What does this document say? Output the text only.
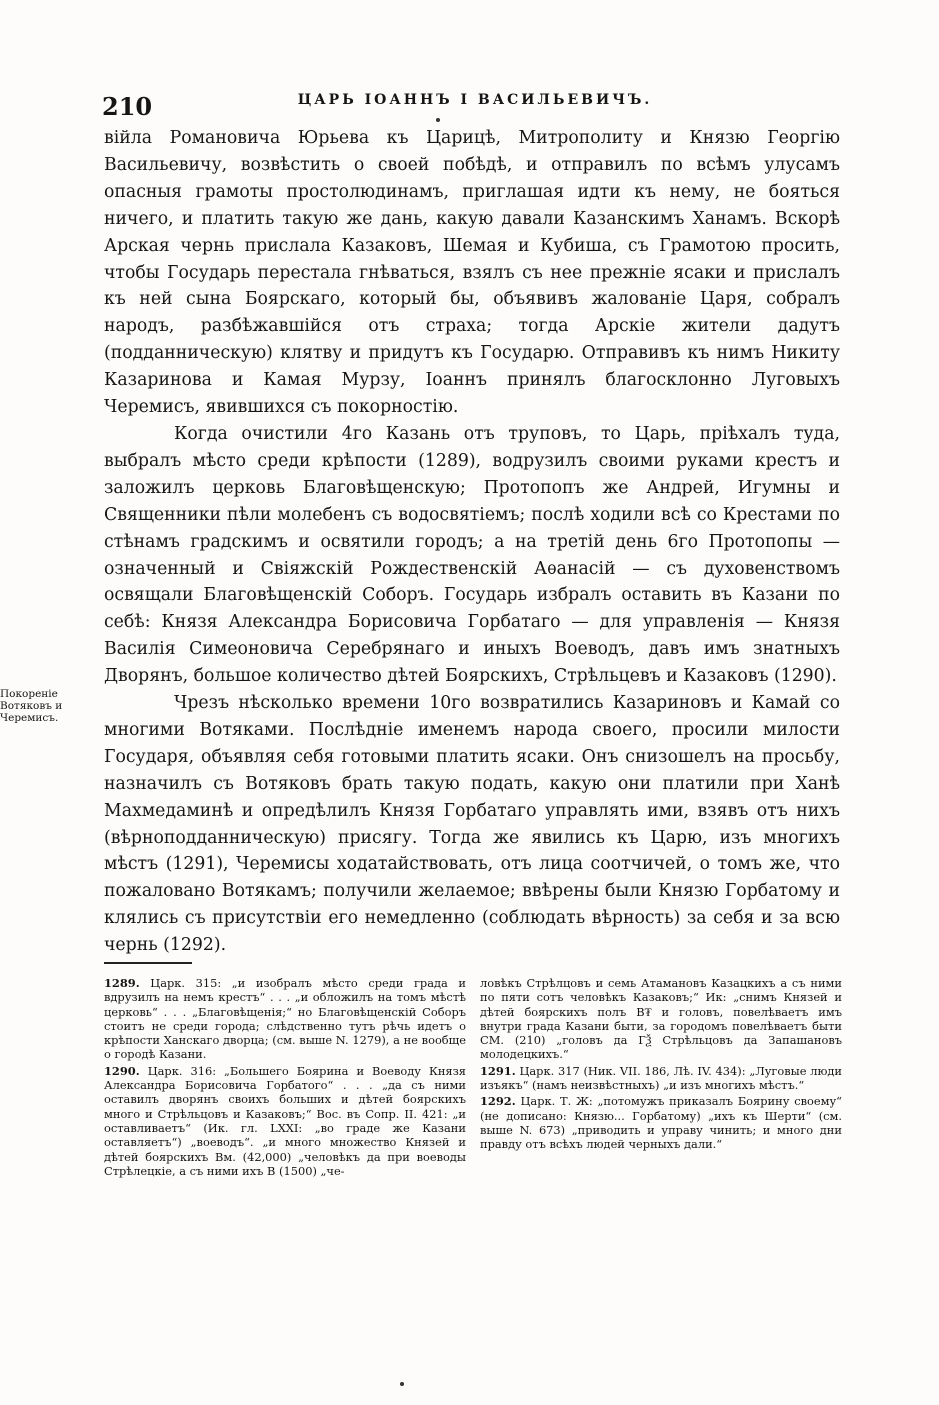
210	ЦАРЬ ІОАННЪ І ВАСИЛЬЕВИЧЪ.

війла Романовича Юрьева къ Царицѣ, Митрополиту и Князю Георгію Васильевичу, возвѣстить о своей побѣдѣ, и отправилъ по всѣмъ улусамъ опасныя грамоты простолюдинамъ, приглашая идти къ нему, не бояться ничего, и платить такую же дань, какую давали Казанскимъ Ханамъ. Вскорѣ Арская чернь прислала Казаковъ, Шемая и Кубиша, съ Грамотою просить, чтобы Государь перестала гнѣваться, взялъ съ нее прежніе ясаки и прислалъ къ ней сына Боярскаго, который бы, объявивъ жалованіе Царя, собралъ народъ, разбѣжавшійся отъ страха; тогда Арскіе жители дадутъ (подданническую) клятву и придутъ къ Государю. Отправивъ къ нимъ Никиту Казаринова и Камая Мурзу, Іоаннъ принялъ благосклонно Луговыхъ Черемисъ, явившихся съ покорностію.

Когда очистили 4го Казань отъ труповъ, то Царь, пріѣхалъ туда, выбралъ мѣсто среди крѣпости (1289), водрузилъ своими руками крестъ и заложилъ церковь Благовѣщенскую; Протопопъ же Андрей, Игумны и Священники пѣли молебенъ съ водосвятіемъ; послѣ ходили всѣ со Крестами по стѣнамъ градскимъ и освятили городъ; а на третій день 6го Протопопы — означенный и Свіяжскій Рождественскій Аѳанасій — съ духовенствомъ освящали Благовѣщенскій Соборъ. Государь избралъ оставить въ Казани по себѣ: Князя Александра Борисовича Горбатаго — для управленія — Князя Василія Симеоновича Серебрянаго и иныхъ Воеводъ, давъ имъ знатныхъ Дворянъ, большое количество дѣтей Боярскихъ, Стрѣльцевъ и Казаковъ (1290).

Чрезъ нѣсколько времени 10го возвратились Казариновъ и Камай со многими Вотяками. Послѣдніе именемъ народа своего, просили милости Государя, объявляя себя готовыми платить ясаки. Онъ снизошелъ на просьбу, назначилъ съ Вотяковъ брать такую подать, какую они платили при Ханѣ Махмедаминѣ и опредѣлилъ Князя Горбатаго управлять ими, взявъ отъ нихъ (вѣрноподданническую) присягу. Тогда же явились къ Царю, изъ многихъ мѣстъ (1291), Черемисы ходатайствовать, отъ лица соотчичей, о томъ же, что пожаловано Вотякамъ; получили желаемое; ввѣрены были Князю Горбатому и клялись съ присутствіи его немедленно (соблюдать вѣрность) за себя и за всю чернь (1292).

Покореніе Вотяковъ и Черемисъ.

1289. Царк. 315: „и изобралъ мѣсто среди града и вдрузилъ на немъ крестъ“ . . . „и обложилъ на томъ мѣстѣ церковь“ . . . „Благовѣщенія;“ но Благовѣщенскій Соборъ стоитъ не среди города; слѣдственно тутъ рѣчь идетъ о крѣпости Ханскаго дворца; (см. выше N. 1279), а не вообще о городѣ Казани.

1290. Царк. 316: „Большего Боярина и Воеводу Князя Александра Борисовича Горбатого“ . . . „да съ ними оставилъ дворянъ своихъ больших и дѣтей боярскихъ много и Стрѣльцовъ и Казаковъ;“ Вос. въ Сопр. II. 421: „и оставливаетъ“ (Ик. гл. LXXI: „во граде же Казани оставляетъ“) „воеводъ“. „и много множество Князей и дѣтей боярскихъ Вм. (42,000) „человѣкъ да при воеводы Стрѣлецкіе, а съ ними ихъ В (1500) „че-

ловѣкъ Стрѣлцовъ и семь Атамановъ Казацкихъ а съ ними по пяти сотъ человѣкъ Казаковъ;“ Ик: „снимъ Князей и дѣтей боярскихъ полъ В₮ и головъ, повелѣваетъ имъ внутри града Казани быти, за городомъ повелѣваетъ быти СМ. (210) „головъ да ГѮ Стрѣльцовъ да Запашановъ молодецкихъ.“

1291. Царк. 317 (Ник. VII. 186, Лѣ. IV. 434): „Луговые люди изъякъ“ (намъ неизвѣстныхъ) „и изъ многихъ мѣстъ.“

1292. Царк. Т. Ж: „потомужъ приказалъ Боярину своему“ (не дописано: Князю... Горбатому) „ихъ къ Шерти“ (см. выше N. 673) „приводить и управу чинить; и много дни правду отъ всѣхъ людей черныхъ дали.“
